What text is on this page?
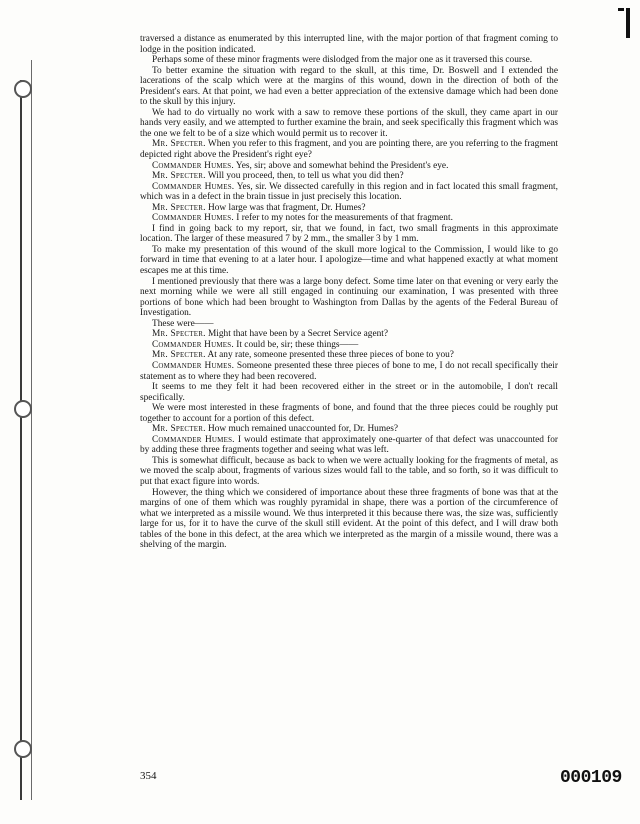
traversed a distance as enumerated by this interrupted line, with the major portion of that fragment coming to lodge in the position indicated.

Perhaps some of these minor fragments were dislodged from the major one as it traversed this course.

To better examine the situation with regard to the skull, at this time, Dr. Boswell and I extended the lacerations of the scalp which were at the margins of this wound, down in the direction of both of the President's ears. At that point, we had even a better appreciation of the extensive damage which had been done to the skull by this injury.

We had to do virtually no work with a saw to remove these portions of the skull, they came apart in our hands very easily, and we attempted to further examine the brain, and seek specifically this fragment which was the one we felt to be of a size which would permit us to recover it.

Mr. Specter. When you refer to this fragment, and you are pointing there, are you referring to the fragment depicted right above the President's right eye?

Commander Humes. Yes, sir; above and somewhat behind the President's eye.

Mr. Specter. Will you proceed, then, to tell us what you did then?

Commander Humes. Yes, sir. We dissected carefully in this region and in fact located this small fragment, which was in a defect in the brain tissue in just precisely this location.

Mr. Specter. How large was that fragment, Dr. Humes?

Commander Humes. I refer to my notes for the measurements of that fragment.

I find in going back to my report, sir, that we found, in fact, two small fragments in this approximate location. The larger of these measured 7 by 2 mm., the smaller 3 by 1 mm.

To make my presentation of this wound of the skull more logical to the Commission, I would like to go forward in time that evening to at a later hour. I apologize—time and what happened exactly at what moment escapes me at this time.

I mentioned previously that there was a large bony defect. Some time later on that evening or very early the next morning while we were all still engaged in continuing our examination, I was presented with three portions of bone which had been brought to Washington from Dallas by the agents of the Federal Bureau of Investigation.

These were——

Mr. Specter. Might that have been by a Secret Service agent?

Commander Humes. It could be, sir; these things——

Mr. Specter. At any rate, someone presented these three pieces of bone to you?

Commander Humes. Someone presented these three pieces of bone to me, I do not recall specifically their statement as to where they had been recovered.

It seems to me they felt it had been recovered either in the street or in the automobile, I don't recall specifically.

We were most interested in these fragments of bone, and found that the three pieces could be roughly put together to account for a portion of this defect.

Mr. Specter. How much remained unaccounted for, Dr. Humes?

Commander Humes. I would estimate that approximately one-quarter of that defect was unaccounted for by adding these three fragments together and seeing what was left.

This is somewhat difficult, because as back to when we were actually looking for the fragments of metal, as we moved the scalp about, fragments of various sizes would fall to the table, and so forth, so it was difficult to put that exact figure into words.

However, the thing which we considered of importance about these three fragments of bone was that at the margins of one of them which was roughly pyramidal in shape, there was a portion of the circumference of what we interpreted as a missile wound. We thus interpreted it this because there was, the size was, sufficiently large for us, for it to have the curve of the skull still evident. At the point of this defect, and I will draw both tables of the bone in this defect, at the area which we interpreted as the margin of a missile wound, there was a shelving of the margin.

354	000109
